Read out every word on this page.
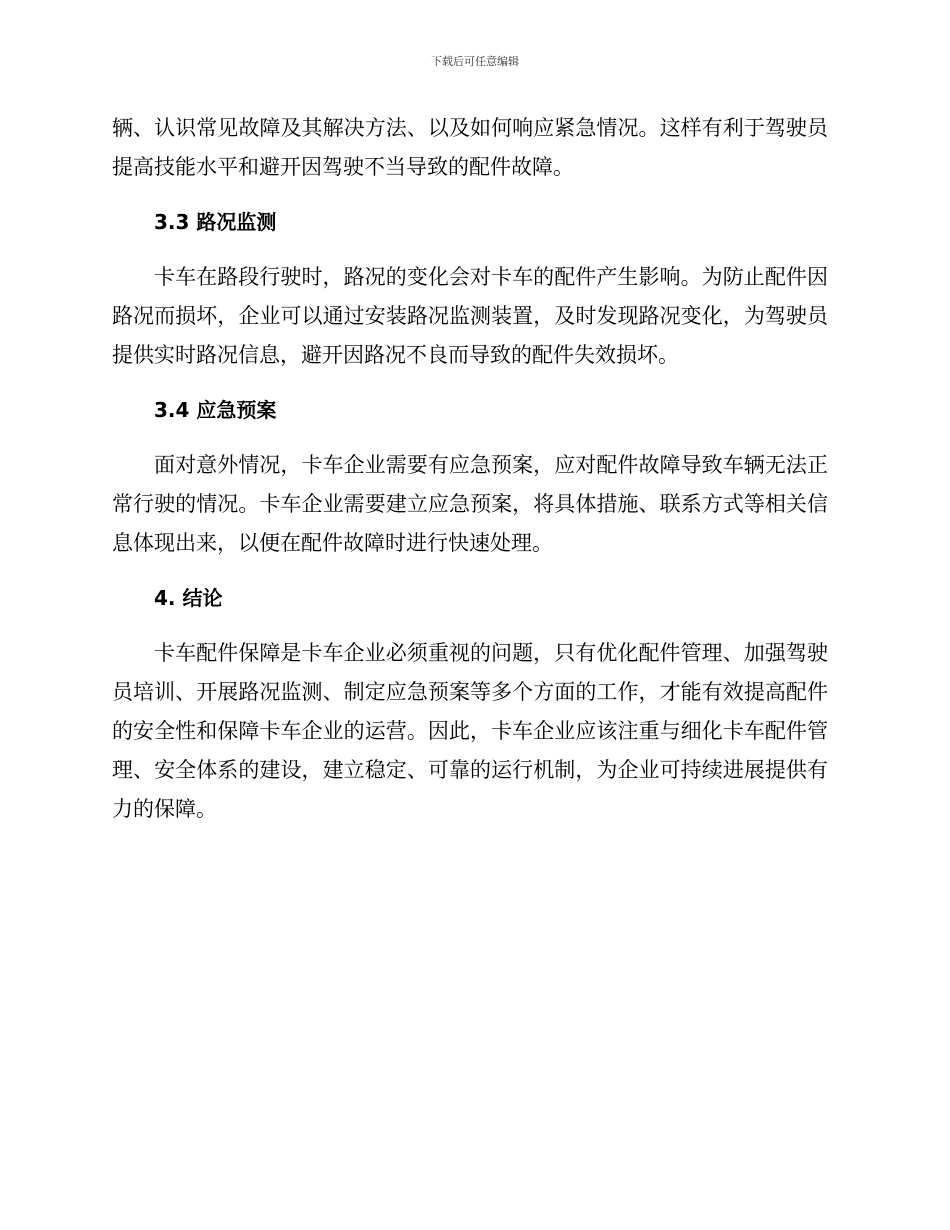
下载后可任意编辑

辆、认识常见故障及其解决方法、以及如何响应紧急情况。这样有利于驾驶员提高技能水平和避开因驾驶不当导致的配件故障。

3.3 路况监测

卡车在路段行驶时，路况的变化会对卡车的配件产生影响。为防止配件因路况而损坏，企业可以通过安装路况监测装置，及时发现路况变化，为驾驶员提供实时路况信息，避开因路况不良而导致的配件失效损坏。

3.4 应急预案

面对意外情况，卡车企业需要有应急预案，应对配件故障导致车辆无法正常行驶的情况。卡车企业需要建立应急预案，将具体措施、联系方式等相关信息体现出来，以便在配件故障时进行快速处理。

4. 结论

卡车配件保障是卡车企业必须重视的问题，只有优化配件管理、加强驾驶员培训、开展路况监测、制定应急预案等多个方面的工作，才能有效提高配件的安全性和保障卡车企业的运营。因此，卡车企业应该注重与细化卡车配件管理、安全体系的建设，建立稳定、可靠的运行机制，为企业可持续进展提供有力的保障。
